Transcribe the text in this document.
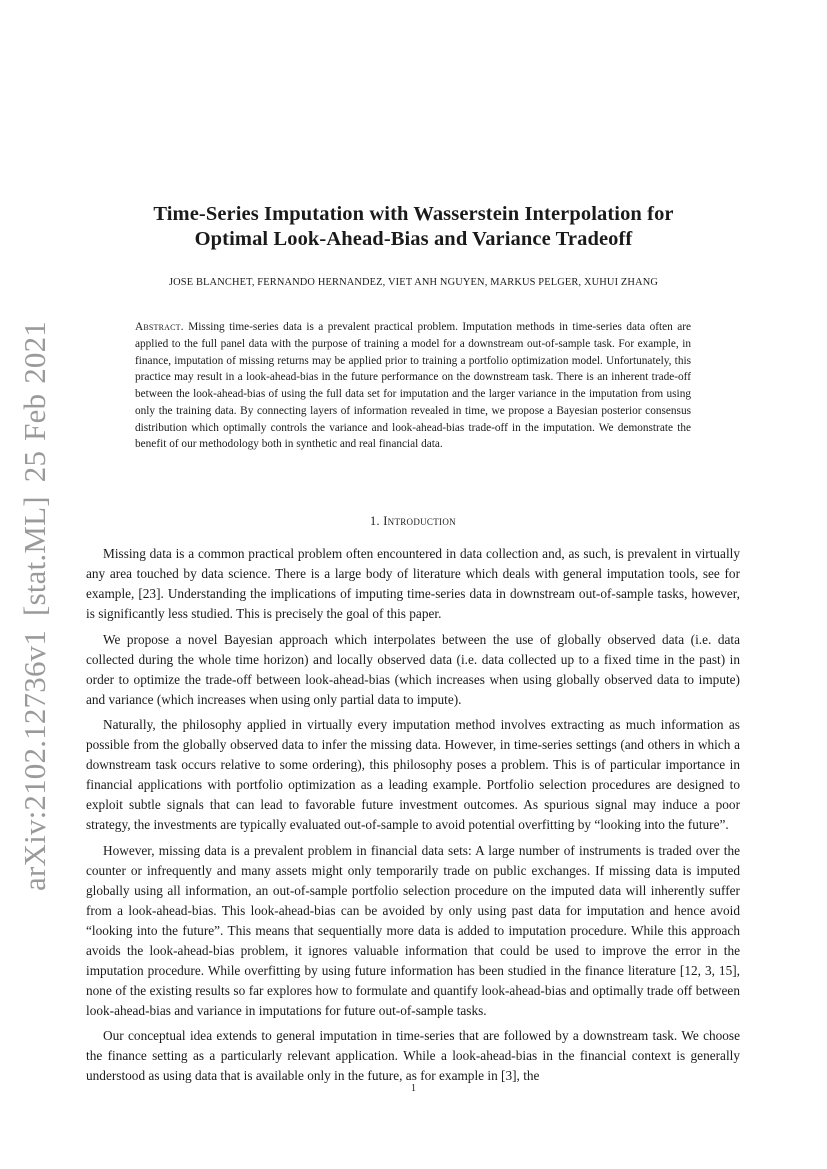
arXiv:2102.12736v1[stat.ML]25 Feb 2021
Time-Series Imputation with Wasserstein Interpolation for
Optimal Look-Ahead-Bias and Variance Tradeoff
JOSE BLANCHET, FERNANDO HERNANDEZ, VIET ANH NGUYEN, MARKUS PELGER, XUHUI ZHANG
Abstract. Missing time-series data is a prevalent practical problem. Imputation methods in time-series data often are applied to the full panel data with the purpose of training a model for a downstream out-of-sample task. For example, in finance, imputation of missing returns may be applied prior to training a portfolio optimization model. Unfortunately, this practice may result in a look-ahead-bias in the future performance on the downstream task. There is an inherent trade-off between the look-ahead-bias of using the full data set for imputation and the larger variance in the imputation from using only the training data. By connecting layers of information revealed in time, we propose a Bayesian posterior consensus distribution which optimally controls the variance and look-ahead-bias trade-off in the imputation. We demonstrate the benefit of our methodology both in synthetic and real financial data.
1. Introduction

Missing data is a common practical problem often encountered in data collection and, as such, is prevalent in virtually any area touched by data science. There is a large body of literature which deals with general imputation tools, see for example, [23]. Understanding the implications of imputing time-series data in downstream out-of-sample tasks, however, is significantly less studied. This is precisely the goal of this paper.

We propose a novel Bayesian approach which interpolates between the use of globally observed data (i.e. data collected during the whole time horizon) and locally observed data (i.e. data collected up to a fixed time in the past) in order to optimize the trade-off between look-ahead-bias (which increases when using globally observed data to impute) and variance (which increases when using only partial data to impute).

Naturally, the philosophy applied in virtually every imputation method involves extracting as much information as possible from the globally observed data to infer the missing data. However, in time-series settings (and others in which a downstream task occurs relative to some ordering), this philosophy poses a problem. This is of particular importance in financial applications with portfolio optimization as a leading example. Portfolio selection procedures are designed to exploit subtle signals that can lead to favorable future investment outcomes. As spurious signal may induce a poor strategy, the investments are typically evaluated out-of-sample to avoid potential overfitting by “looking into the future”.

However, missing data is a prevalent problem in financial data sets: A large number of instruments is traded over the counter or infrequently and many assets might only temporarily trade on public exchanges. If missing data is imputed globally using all information, an out-of-sample portfolio selection procedure on the imputed data will inherently suffer from a look-ahead-bias. This look-ahead-bias can be avoided by only using past data for imputation and hence avoid “looking into the future”. This means that sequentially more data is added to imputation procedure. While this approach avoids the look-ahead-bias problem, it ignores valuable information that could be used to improve the error in the imputation procedure. While overfitting by using future information has been studied in the finance literature [12, 3, 15], none of the existing results so far explores how to formulate and quantify look-ahead-bias and optimally trade off between look-ahead-bias and variance in imputations for future out-of-sample tasks.

Our conceptual idea extends to general imputation in time-series that are followed by a downstream task. We choose the finance setting as a particularly relevant application. While a look-ahead-bias in the financial context is generally understood as using data that is available only in the future, as for example in [3], the

1
